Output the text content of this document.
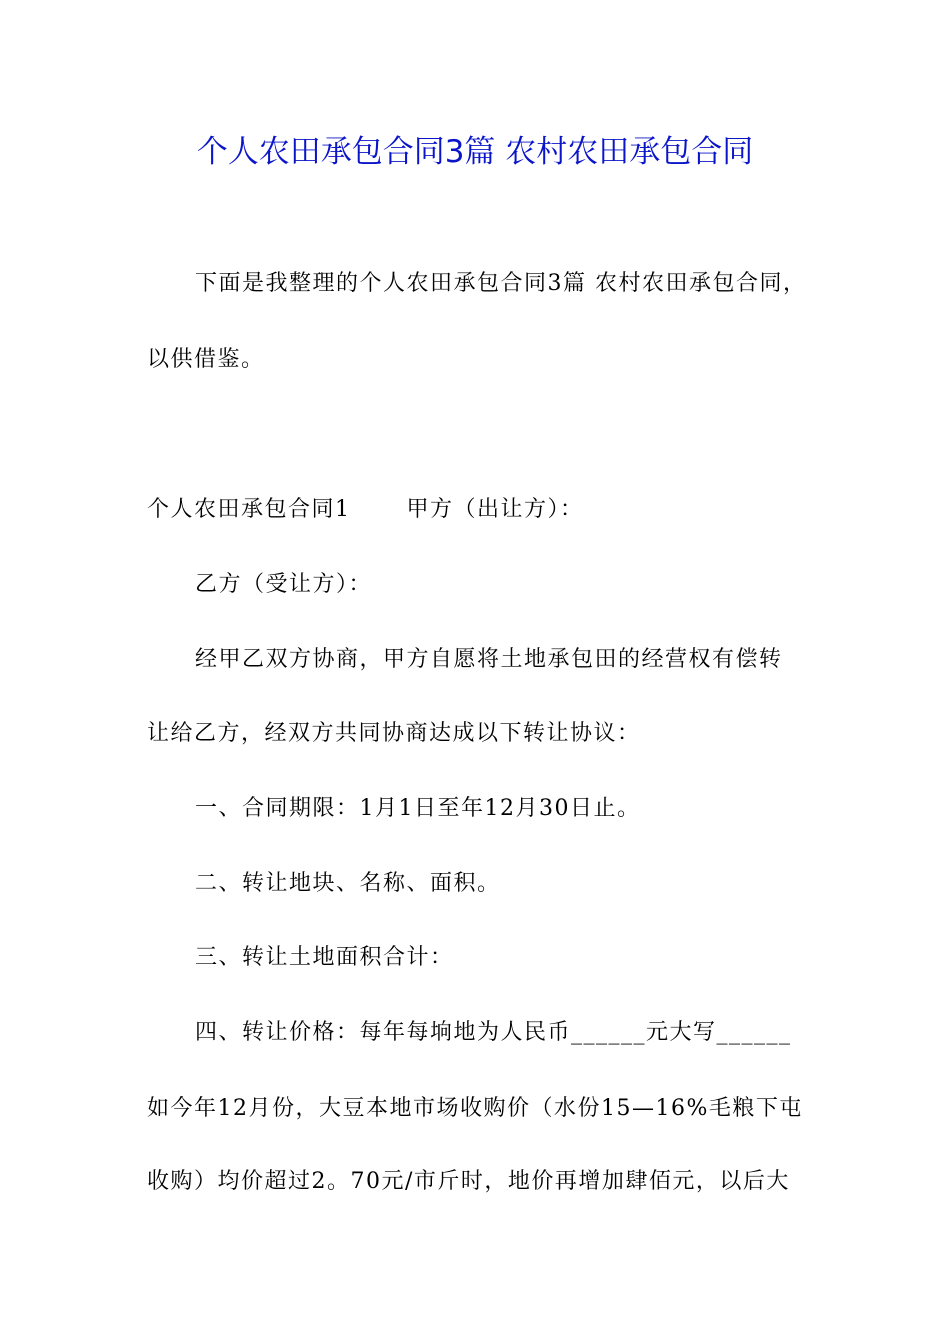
个人农田承包合同3篇 农村农田承包合同
下面是我整理的个人农田承包合同3篇 农村农田承包合同，
以供借鉴。
个人农田承包合同1	甲方（出让方）：
乙方（受让方）：
经甲乙双方协商，甲方自愿将土地承包田的经营权有偿转
让给乙方，经双方共同协商达成以下转让协议：
一、合同期限：1月1日至年12月30日止。
二、转让地块、名称、面积。
三、转让土地面积合计：
四、转让价格：每年每垧地为人民币______元大写______
如今年12月份，大豆本地市场收购价（水份15—16%毛粮下屯
收购）均价超过2。70元/市斤时，地价再增加肆佰元，以后大
